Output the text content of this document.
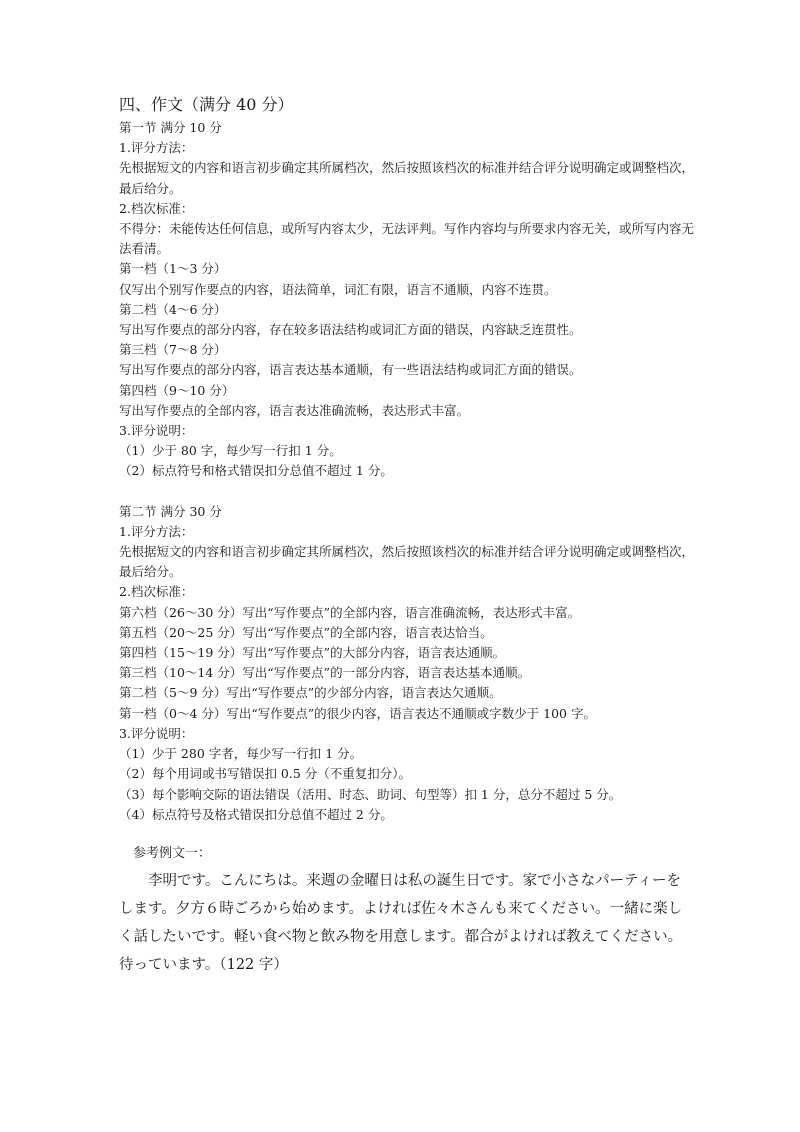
四、作文（满分 40 分）
第一节 满分 10 分
1.评分方法：
先根据短文的内容和语言初步确定其所属档次，然后按照该档次的标准并结合评分说明确定或调整档次，最后给分。
2.档次标准：
不得分：未能传达任何信息，或所写内容太少，无法评判。写作内容均与所要求内容无关，或所写内容无法看清。
第一档（1～3 分）
仅写出个别写作要点的内容，语法简单，词汇有限，语言不通顺，内容不连贯。
第二档（4～6 分）
写出写作要点的部分内容，存在较多语法结构或词汇方面的错误，内容缺乏连贯性。
第三档（7～8 分）
写出写作要点的部分内容，语言表达基本通顺，有一些语法结构或词汇方面的错误。
第四档（9～10 分）
写出写作要点的全部内容，语言表达准确流畅，表达形式丰富。
3.评分说明：
（1）少于 80 字，每少写一行扣 1 分。
（2）标点符号和格式错误扣分总值不超过 1 分。
第二节 满分 30 分
1.评分方法：
先根据短文的内容和语言初步确定其所属档次，然后按照该档次的标准并结合评分说明确定或调整档次，最后给分。
2.档次标准：
第六档（26～30 分）写出“写作要点”的全部内容，语言准确流畅，表达形式丰富。
第五档（20～25 分）写出“写作要点”的全部内容，语言表达恰当。
第四档（15～19 分）写出“写作要点”的大部分内容，语言表达通顺。
第三档（10～14 分）写出“写作要点”的一部分内容，语言表达基本通顺。
第二档（5～9 分）写出“写作要点”的少部分内容，语言表达欠通顺。
第一档（0～4 分）写出“写作要点”的很少内容，语言表达不通顺或字数少于 100 字。
3.评分说明：
（1）少于 280 字者，每少写一行扣 1 分。
（2）每个用词或书写错误扣 0.5 分（不重复扣分）。
（3）每个影响交际的语法错误（活用、时态、助词、句型等）扣 1 分，总分不超过 5 分。
（4）标点符号及格式错误扣分总值不超过 2 分。
参考例文一：
李明です。こんにちは。来週の金曜日は私の誕生日です。家で小さなパーティーをします。夕方６時ごろから始めます。よければ佐々木さんも来てください。一緒に楽しく話したいです。軽い食べ物と飲み物を用意します。都合がよければ教えてください。待っています。（122 字）
